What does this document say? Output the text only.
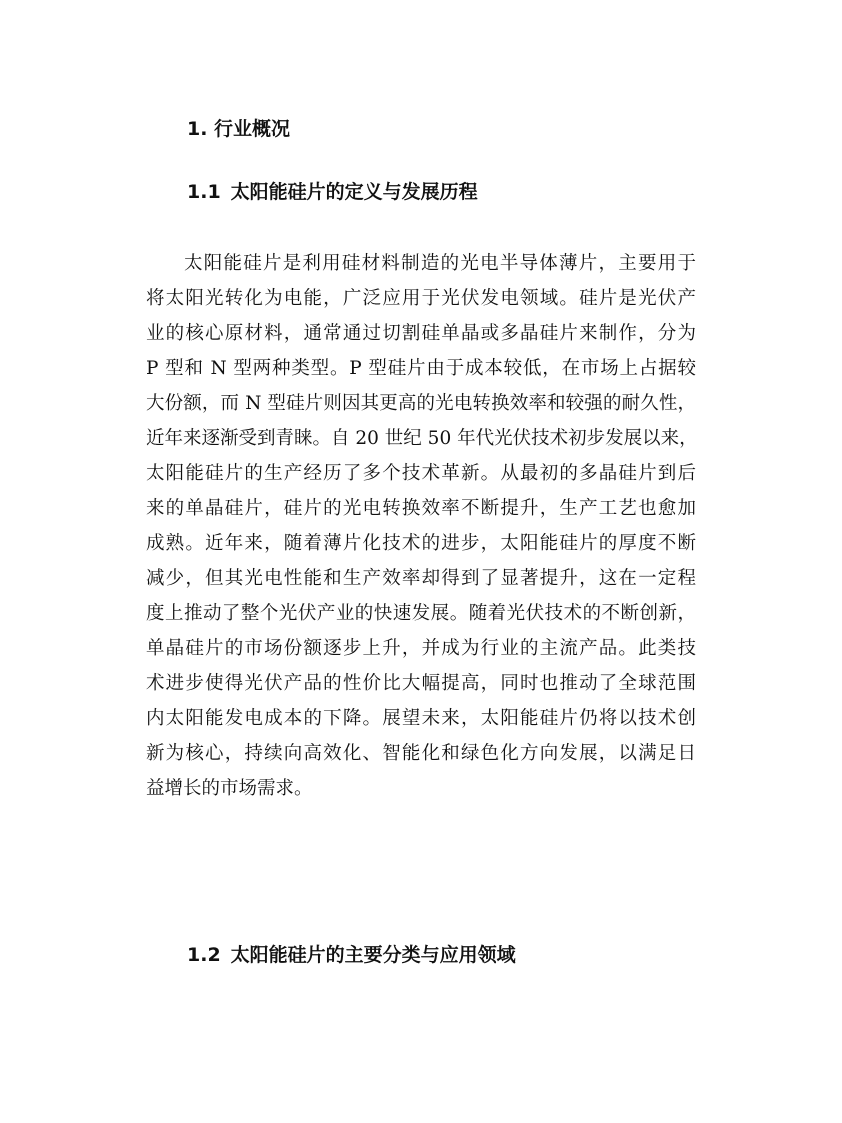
1. 行业概况
1.1 太阳能硅片的定义与发展历程
太阳能硅片是利用硅材料制造的光电半导体薄片，主要用于
将太阳光转化为电能，广泛应用于光伏发电领域。硅片是光伏产
业的核心原材料，通常通过切割硅单晶或多晶硅片来制作，分为
P 型和 N 型两种类型。P 型硅片由于成本较低，在市场上占据较
大份额，而 N 型硅片则因其更高的光电转换效率和较强的耐久性，
近年来逐渐受到青睐。自 20 世纪 50 年代光伏技术初步发展以来，
太阳能硅片的生产经历了多个技术革新。从最初的多晶硅片到后
来的单晶硅片，硅片的光电转换效率不断提升，生产工艺也愈加
成熟。近年来，随着薄片化技术的进步，太阳能硅片的厚度不断
减少，但其光电性能和生产效率却得到了显著提升，这在一定程
度上推动了整个光伏产业的快速发展。随着光伏技术的不断创新，
单晶硅片的市场份额逐步上升，并成为行业的主流产品。此类技
术进步使得光伏产品的性价比大幅提高，同时也推动了全球范围
内太阳能发电成本的下降。展望未来，太阳能硅片仍将以技术创
新为核心，持续向高效化、智能化和绿色化方向发展，以满足日
益增长的市场需求。
1.2 太阳能硅片的主要分类与应用领域
